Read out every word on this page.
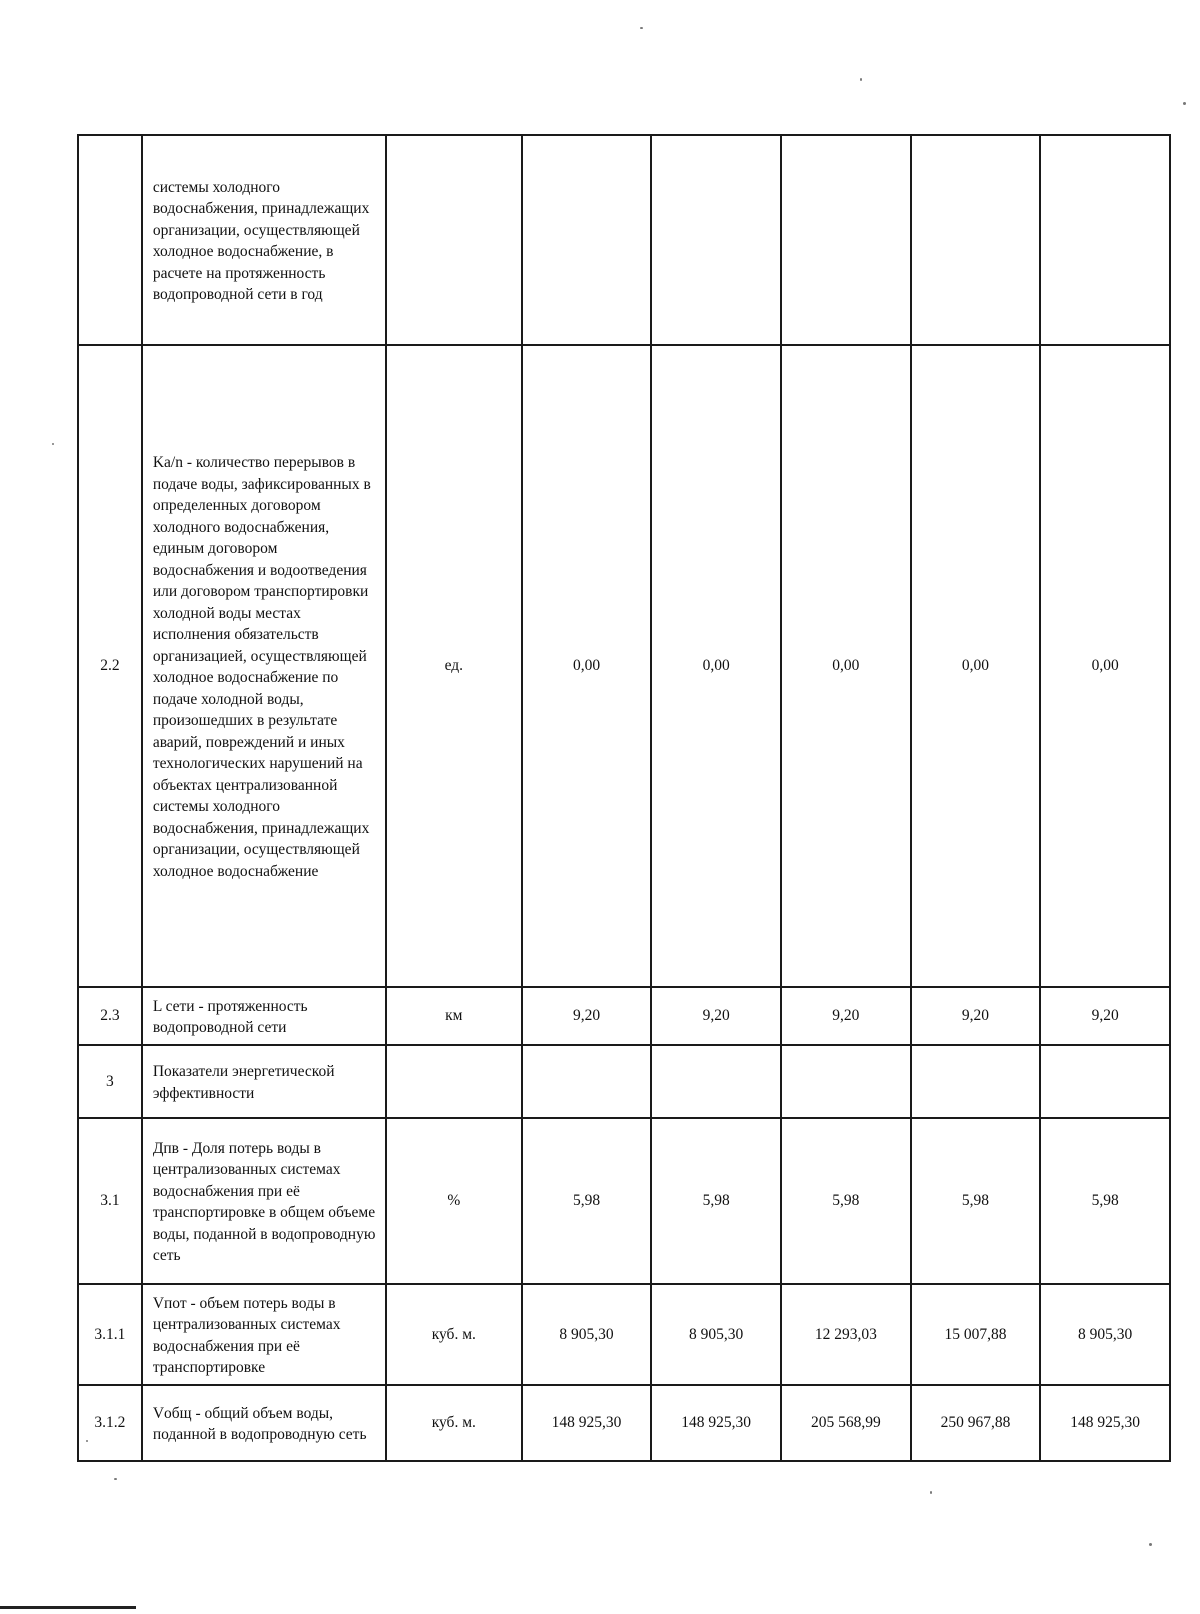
	системы холодного водоснабжения, принадлежащих организации, осуществляющей холодное водоснабжение, в расчете на протяженность водопроводной сети в год						
2.2	Ka/n - количество перерывов в подаче воды, зафиксированных в определенных договором холодного водоснабжения, единым договором водоснабжения и водоотведения или договором транспортировки холодной воды местах исполнения обязательств организацией, осуществляющей холодное водоснабжение по подаче холодной воды, произошедших в результате аварий, повреждений и иных технологических нарушений на объектах централизованной системы холодного водоснабжения, принадлежащих организации, осуществляющей холодное водоснабжение	ед.	0,00	0,00	0,00	0,00	0,00
2.3	L сети - протяженность водопроводной сети	км	9,20	9,20	9,20	9,20	9,20
3	Показатели энергетической эффективности						
3.1	Дпв - Доля потерь воды в централизованных системах водоснабжения при её транспортировке в общем объеме воды, поданной в водопроводную сеть	%	5,98	5,98	5,98	5,98	5,98
3.1.1	Vпот - объем потерь воды в централизованных системах водоснабжения при её транспортировке	куб. м.	8 905,30	8 905,30	12 293,03	15 007,88	8 905,30
3.1.2	Vобщ - общий объем воды, поданной в водопроводную сеть	куб. м.	148 925,30	148 925,30	205 568,99	250 967,88	148 925,30
